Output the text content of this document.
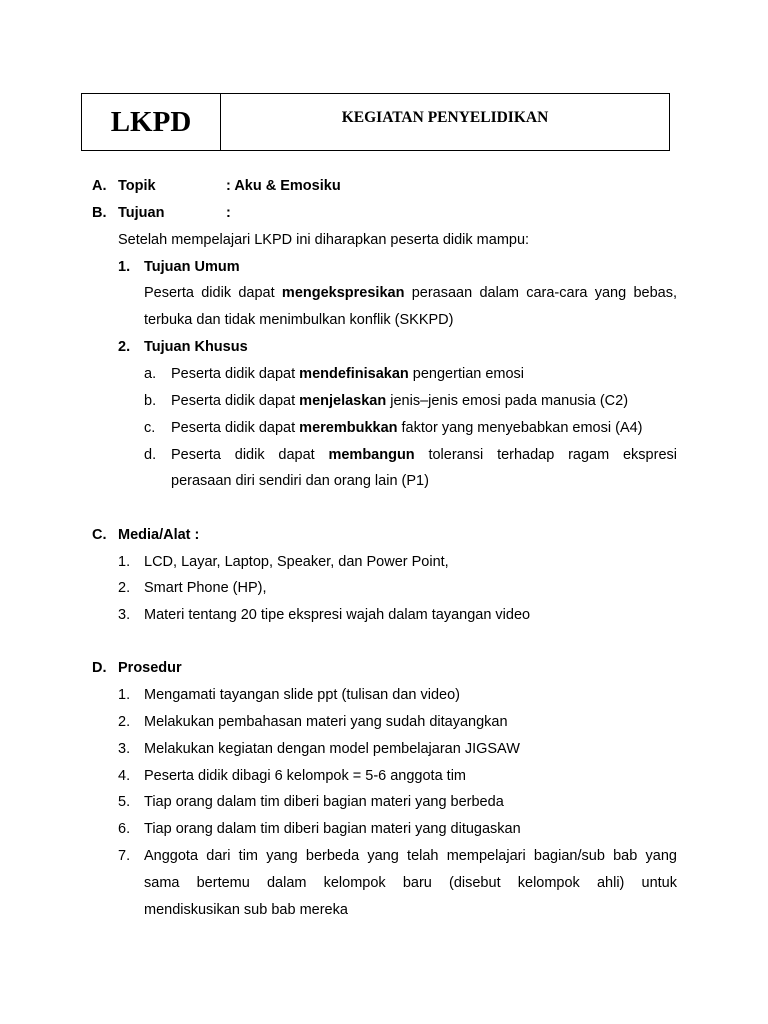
LKPD	KEGIATAN PENYELIDIKAN
A. Topik	: Aku & Emosiku
B. Tujuan	:
Setelah mempelajari LKPD ini diharapkan peserta didik mampu:
1. Tujuan Umum
Peserta didik dapat mengekspresikan perasaan dalam cara-cara yang bebas,
terbuka dan tidak menimbulkan konflik (SKKPD)
2. Tujuan Khusus
a. Peserta didik dapat mendefinisakan pengertian emosi
b. Peserta didik dapat menjelaskan jenis–jenis emosi pada manusia (C2)
c. Peserta didik dapat merembukkan faktor yang menyebabkan emosi (A4)
d. Peserta didik dapat membangun toleransi terhadap ragam ekspresi
perasaan diri sendiri dan orang lain (P1)
C. Media/Alat :
1. LCD, Layar, Laptop, Speaker, dan Power Point,
2. Smart Phone (HP),
3. Materi tentang 20 tipe ekspresi wajah dalam tayangan video
D. Prosedur
1. Mengamati tayangan slide ppt (tulisan dan video)
2. Melakukan pembahasan materi yang sudah ditayangkan
3. Melakukan kegiatan dengan model pembelajaran JIGSAW
4. Peserta didik dibagi 6 kelompok = 5-6 anggota tim
5. Tiap orang dalam tim diberi bagian materi yang berbeda
6. Tiap orang dalam tim diberi bagian materi yang ditugaskan
7. Anggota dari tim yang berbeda yang telah mempelajari bagian/sub bab yang
sama bertemu dalam kelompok baru (disebut kelompok ahli) untuk
mendiskusikan sub bab mereka
